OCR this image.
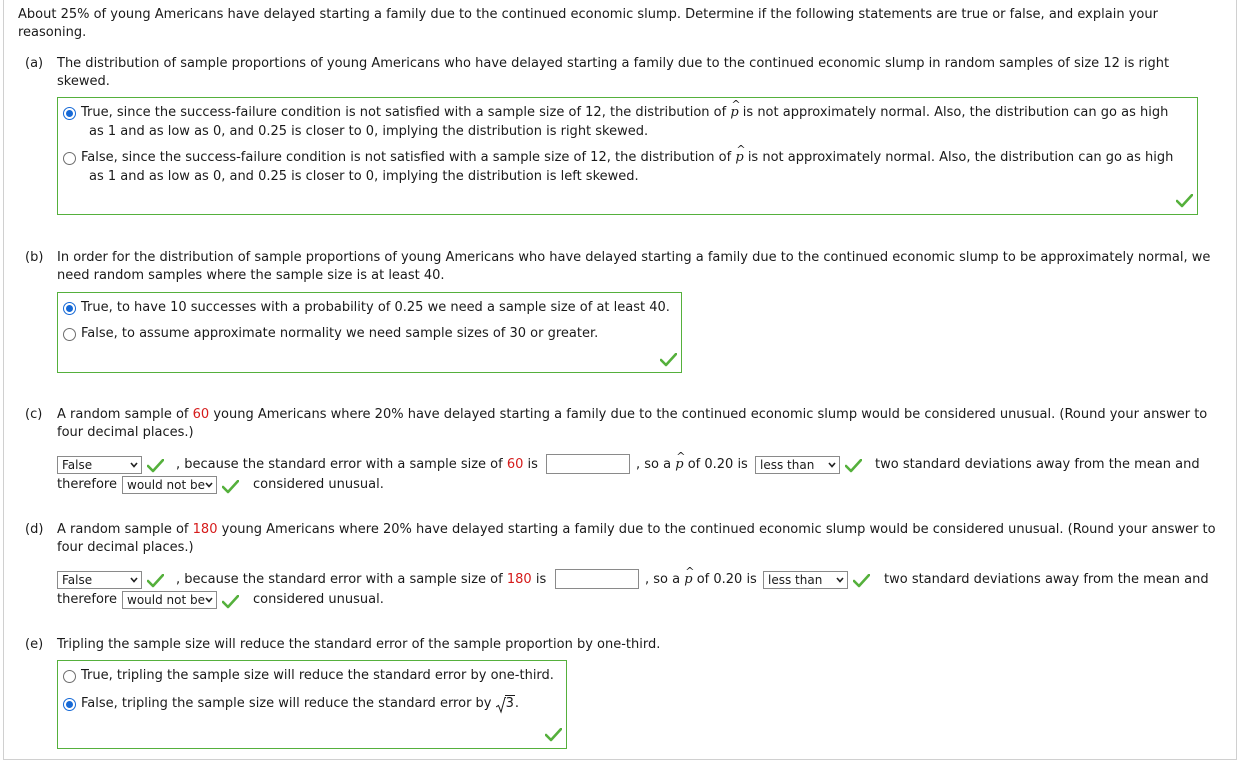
About 25% of young Americans have delayed starting a family due to the continued economic slump. Determine if the following statements are true or false, and explain your
reasoning.
(a)	The distribution of sample proportions of young Americans who have delayed starting a family due to the continued economic slump in random samples of size 12 is right
skewed.
True, since the success-failure condition is not satisfied with a sample size of 12, the distribution of ^ p is not approximately normal. Also, the distribution can go as high
as 1 and as low as 0, and 0.25 is closer to 0, implying the distribution is right skewed.
False, since the success-failure condition is not satisfied with a sample size of 12, the distribution of ^ p is not approximately normal. Also, the distribution can go as high
as 1 and as low as 0, and 0.25 is closer to 0, implying the distribution is left skewed.
(b)	In order for the distribution of sample proportions of young Americans who have delayed starting a family due to the continued economic slump to be approximately normal, we
need random samples where the sample size is at least 40.
True, to have 10 successes with a probability of 0.25 we need a sample size of at least 40.
False, to assume approximate normality we need sample sizes of 30 or greater.
(c)	A random sample of 60 young Americans where 20% have delayed starting a family due to the continued economic slump would be considered unusual. (Round your answer to
four decimal places.)
False	, because the standard error with a sample size of 60 is	, so a ^ p of 0.20 is	less than	two standard deviations away from the mean and
therefore would not be	considered unusual.
(d)	A random sample of 180 young Americans where 20% have delayed starting a family due to the continued economic slump would be considered unusual. (Round your answer to
four decimal places.)
False	, because the standard error with a sample size of 180 is	, so a ^ p of 0.20 is less than	two standard deviations away from the mean and
therefore would not be	considered unusual.
(e)	Tripling the sample size will reduce the standard error of the sample proportion by one-third.
True, tripling the sample size will reduce the standard error by one-third.
False, tripling the sample size will reduce the standard error by 3.
